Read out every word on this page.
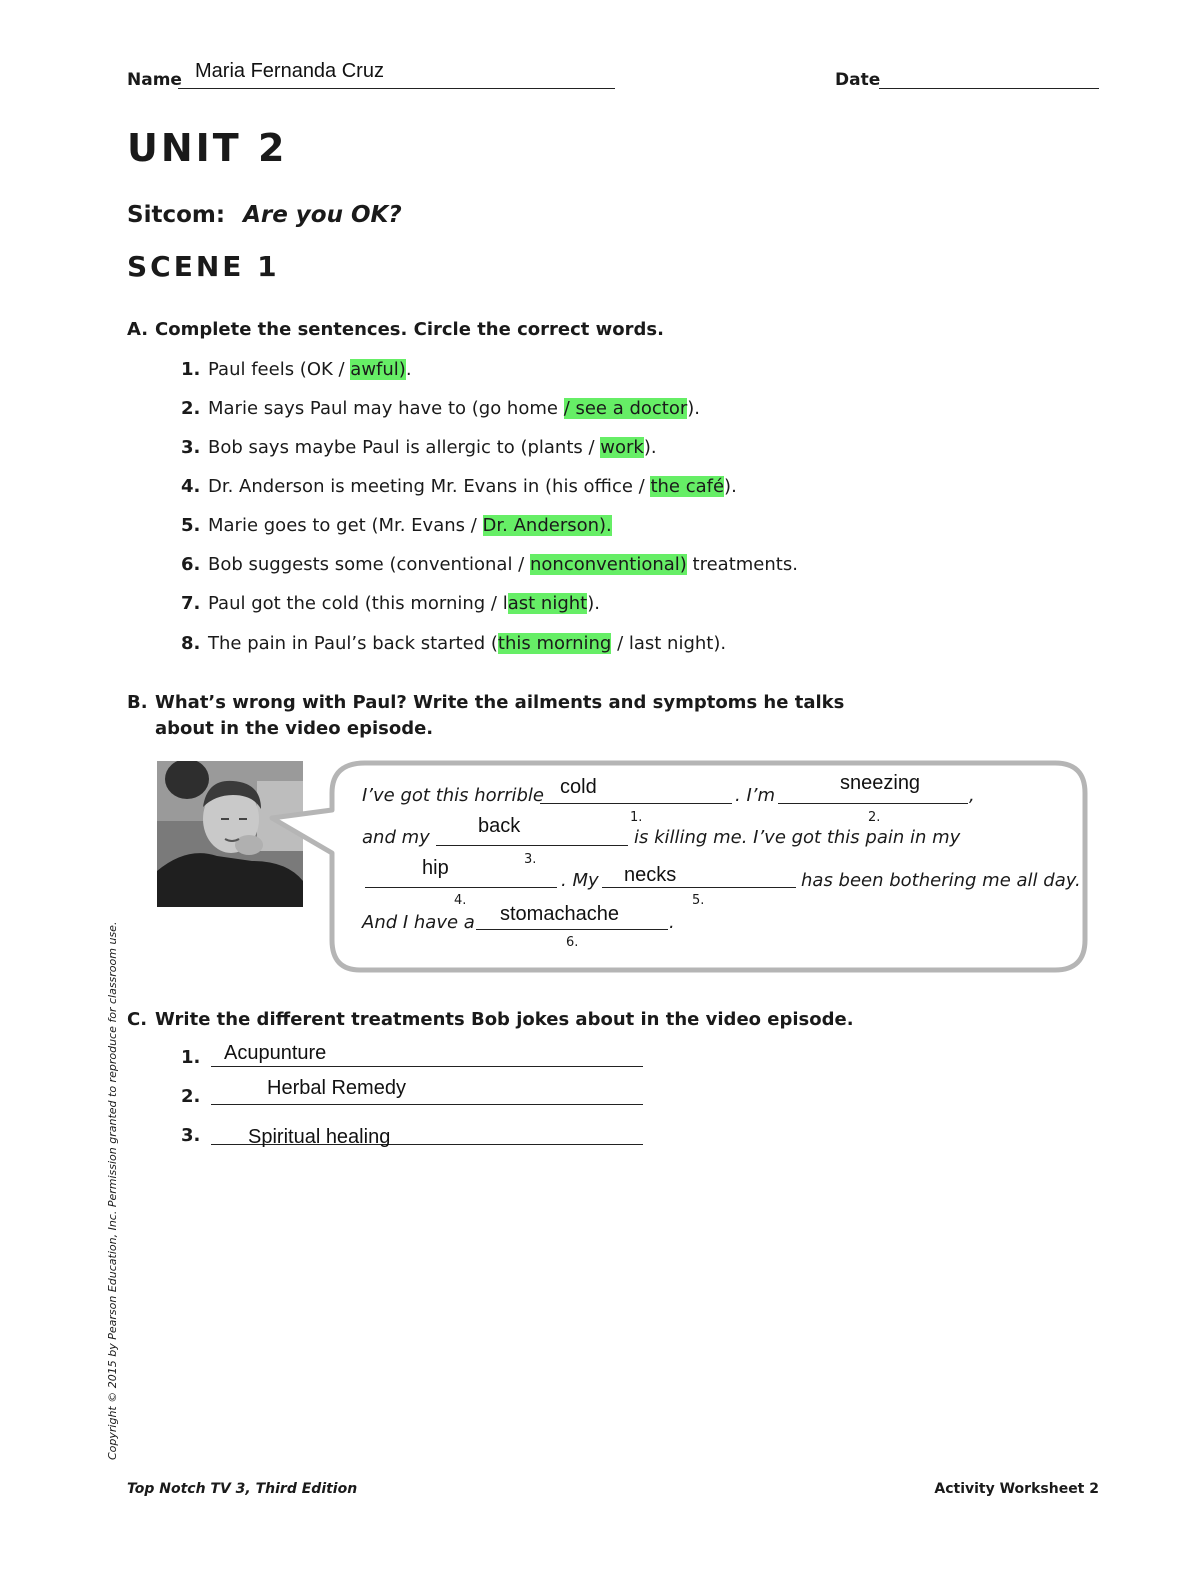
Name Maria Fernanda Cruz	Date
UNIT 2
Sitcom: Are you OK?
SCENE 1
A. Complete the sentences. Circle the correct words.
1. Paul feels (OK / awful).
2. Marie says Paul may have to (go home / see a doctor).
3. Bob says maybe Paul is allergic to (plants / work).
4. Dr. Anderson is meeting Mr. Evans in (his office / the café).
5. Marie goes to get (Mr. Evans / Dr. Anderson).
6. Bob suggests some (conventional / nonconventional) treatments.
7. Paul got the cold (this morning / last night).
8. The pain in Paul’s back started (this morning / last night).
B. What’s wrong with Paul? Write the ailments and symptoms he talks
about in the video episode.
I’ve got this horrible cold
1.
. I’m
sneezing
2.
,
and my
back
3.
is killing me. I’ve got this pain in my
hip
4.
. My necks
5.
has been bothering me all day.
And I have a stomachache
6.
.
C. Write the different treatments Bob jokes about in the video episode.
1.	Acupunture
2.	Herbal Remedy
3.	Spiritual healing
Copyright © 2015 by Pearson Education, Inc. Permission granted to reproduce for classroom use.
Top Notch TV 3, Third Edition	Activity Worksheet 2
